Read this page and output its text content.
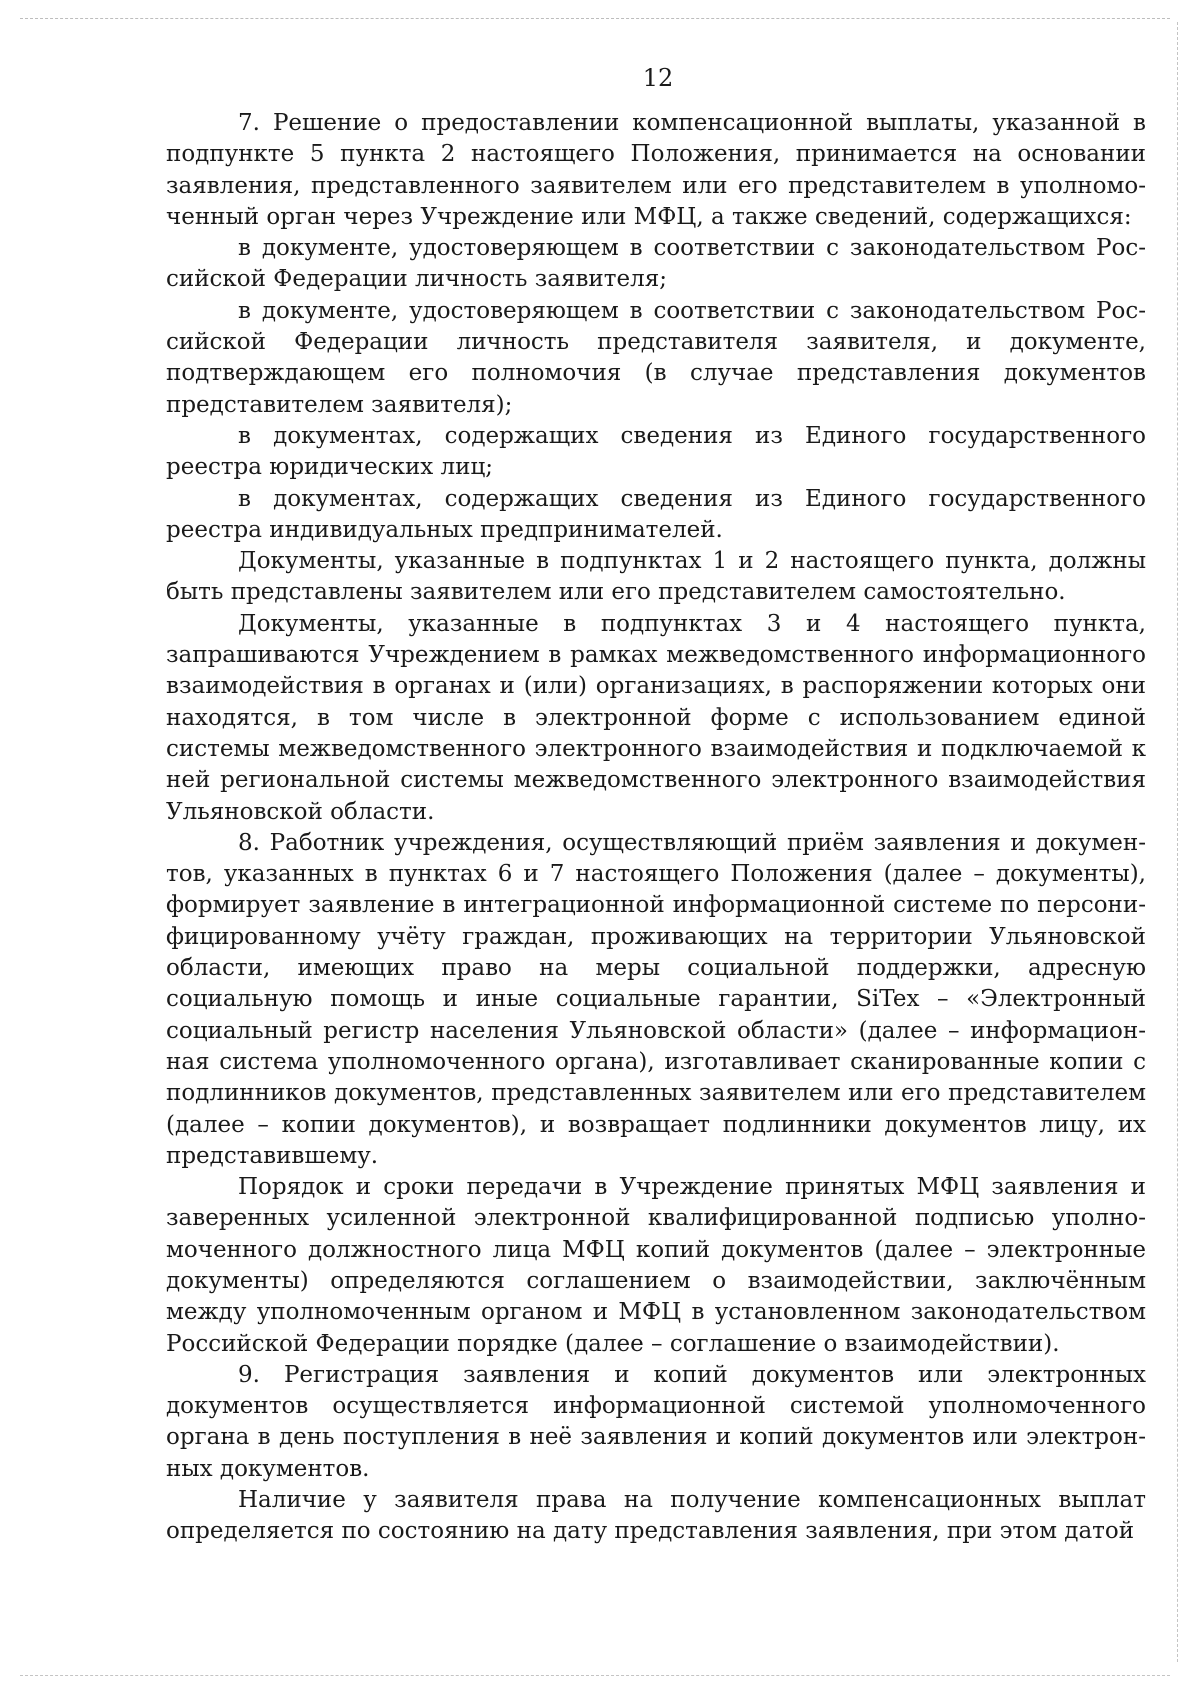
12

7. Решение о предоставлении компенсационной выплаты, указанной в подпункте 5 пункта 2 настоящего Положения, принимается на основании заявления, представленного заявителем или его представителем в уполномоченный орган через Учреждение или МФЦ, а также сведений, содержащихся:

в документе, удостоверяющем в соответствии с законодательством Российской Федерации личность заявителя;

в документе, удостоверяющем в соответствии с законодательством Российской Федерации личность представителя заявителя, и документе, подтверждающем его полномочия (в случае представления документов представителем заявителя);

в документах, содержащих сведения из Единого государственного реестра юридических лиц;

в документах, содержащих сведения из Единого государственного реестра индивидуальных предпринимателей.

Документы, указанные в подпунктах 1 и 2 настоящего пункта, должны быть представлены заявителем или его представителем самостоятельно.

Документы, указанные в подпунктах 3 и 4 настоящего пункта, запрашиваются Учреждением в рамках межведомственного информационного взаимодействия в органах и (или) организациях, в распоряжении которых они находятся, в том числе в электронной форме с использованием единой системы межведомственного электронного взаимодействия и подключаемой к ней региональной системы межведомственного электронного взаимодействия Ульяновской области.

8. Работник учреждения, осуществляющий приём заявления и документов, указанных в пунктах 6 и 7 настоящего Положения (далее – документы), формирует заявление в интеграционной информационной системе по персонифицированному учёту граждан, проживающих на территории Ульяновской области, имеющих право на меры социальной поддержки, адресную социальную помощь и иные социальные гарантии, SiTex – «Электронный социальный регистр населения Ульяновской области» (далее – информационная система уполномоченного органа), изготавливает сканированные копии с подлинников документов, представленных заявителем или его представителем (далее – копии документов), и возвращает подлинники документов лицу, их представившему.

Порядок и сроки передачи в Учреждение принятых МФЦ заявления и заверенных усиленной электронной квалифицированной подписью уполномоченного должностного лица МФЦ копий документов (далее – электронные документы) определяются соглашением о взаимодействии, заключённым между уполномоченным органом и МФЦ в установленном законодательством Российской Федерации порядке (далее – соглашение о взаимодействии).

9. Регистрация заявления и копий документов или электронных документов осуществляется информационной системой уполномоченного органа в день поступления в неё заявления и копий документов или электронных документов.

Наличие у заявителя права на получение компенсационных выплат определяется по состоянию на дату представления заявления, при этом датой
